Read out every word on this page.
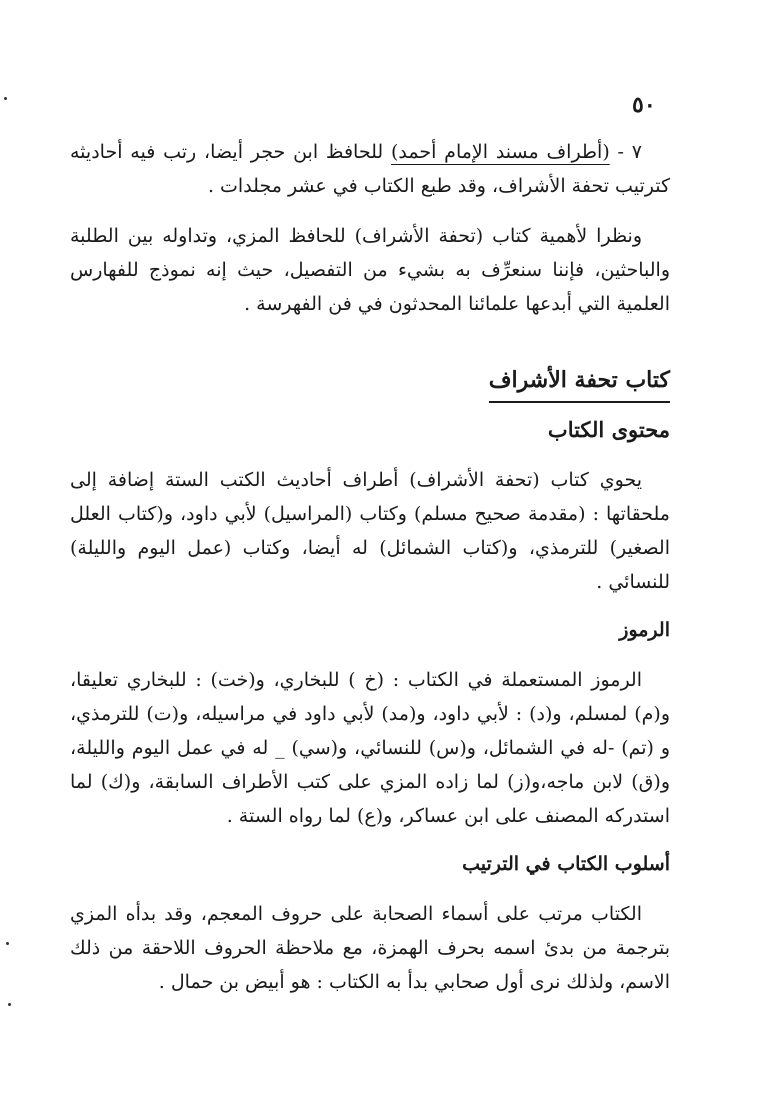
٥٠

٧ - (أطراف مسند الإمام أحمد) للحافظ ابن حجر أيضا، رتب فيه أحاديثه كترتيب تحفة الأشراف، وقد طبع الكتاب في عشر مجلدات .

ونظرا لأهمية كتاب (تحفة الأشراف) للحافظ المزي، وتداوله بين الطلبة والباحثين، فإننا سنعرِّف به بشيء من التفصيل، حيث إنه نموذج للفهارس العلمية التي أبدعها علمائنا المحدثون في فن الفهرسة .

كتاب تحفة الأشراف
محتوى الكتاب

يحوي كتاب (تحفة الأشراف) أطراف أحاديث الكتب الستة إضافة إلى ملحقاتها : (مقدمة صحيح مسلم) وكتاب (المراسيل) لأبي داود، و(كتاب العلل الصغير) للترمذي، و(كتاب الشمائل) له أيضا، وكتاب (عمل اليوم والليلة) للنسائي .

الرموز

الرموز المستعملة في الكتاب : (خ ) للبخاري، و(خت) : للبخاري تعليقا، و(م) لمسلم، و(د) : لأبي داود، و(مد) لأبي داود في مراسيله، و(ت) للترمذي، و (تم) -له في الشمائل، و(س) للنسائي، و(سي) _ له في عمل اليوم والليلة، و(ق) لابن ماجه،و(ز) لما زاده المزي على كتب الأطراف السابقة، و(ك) لما استدركه المصنف على ابن عساكر، و(ع) لما رواه الستة .

أسلوب الكتاب في الترتيب

الكتاب مرتب على أسماء الصحابة على حروف المعجم، وقد بدأه المزي بترجمة من بدئ اسمه بحرف الهمزة، مع ملاحظة الحروف اللاحقة من ذلك الاسم، ولذلك نرى أول صحابي بدأ به الكتاب : هو أبيض بن حمال .
